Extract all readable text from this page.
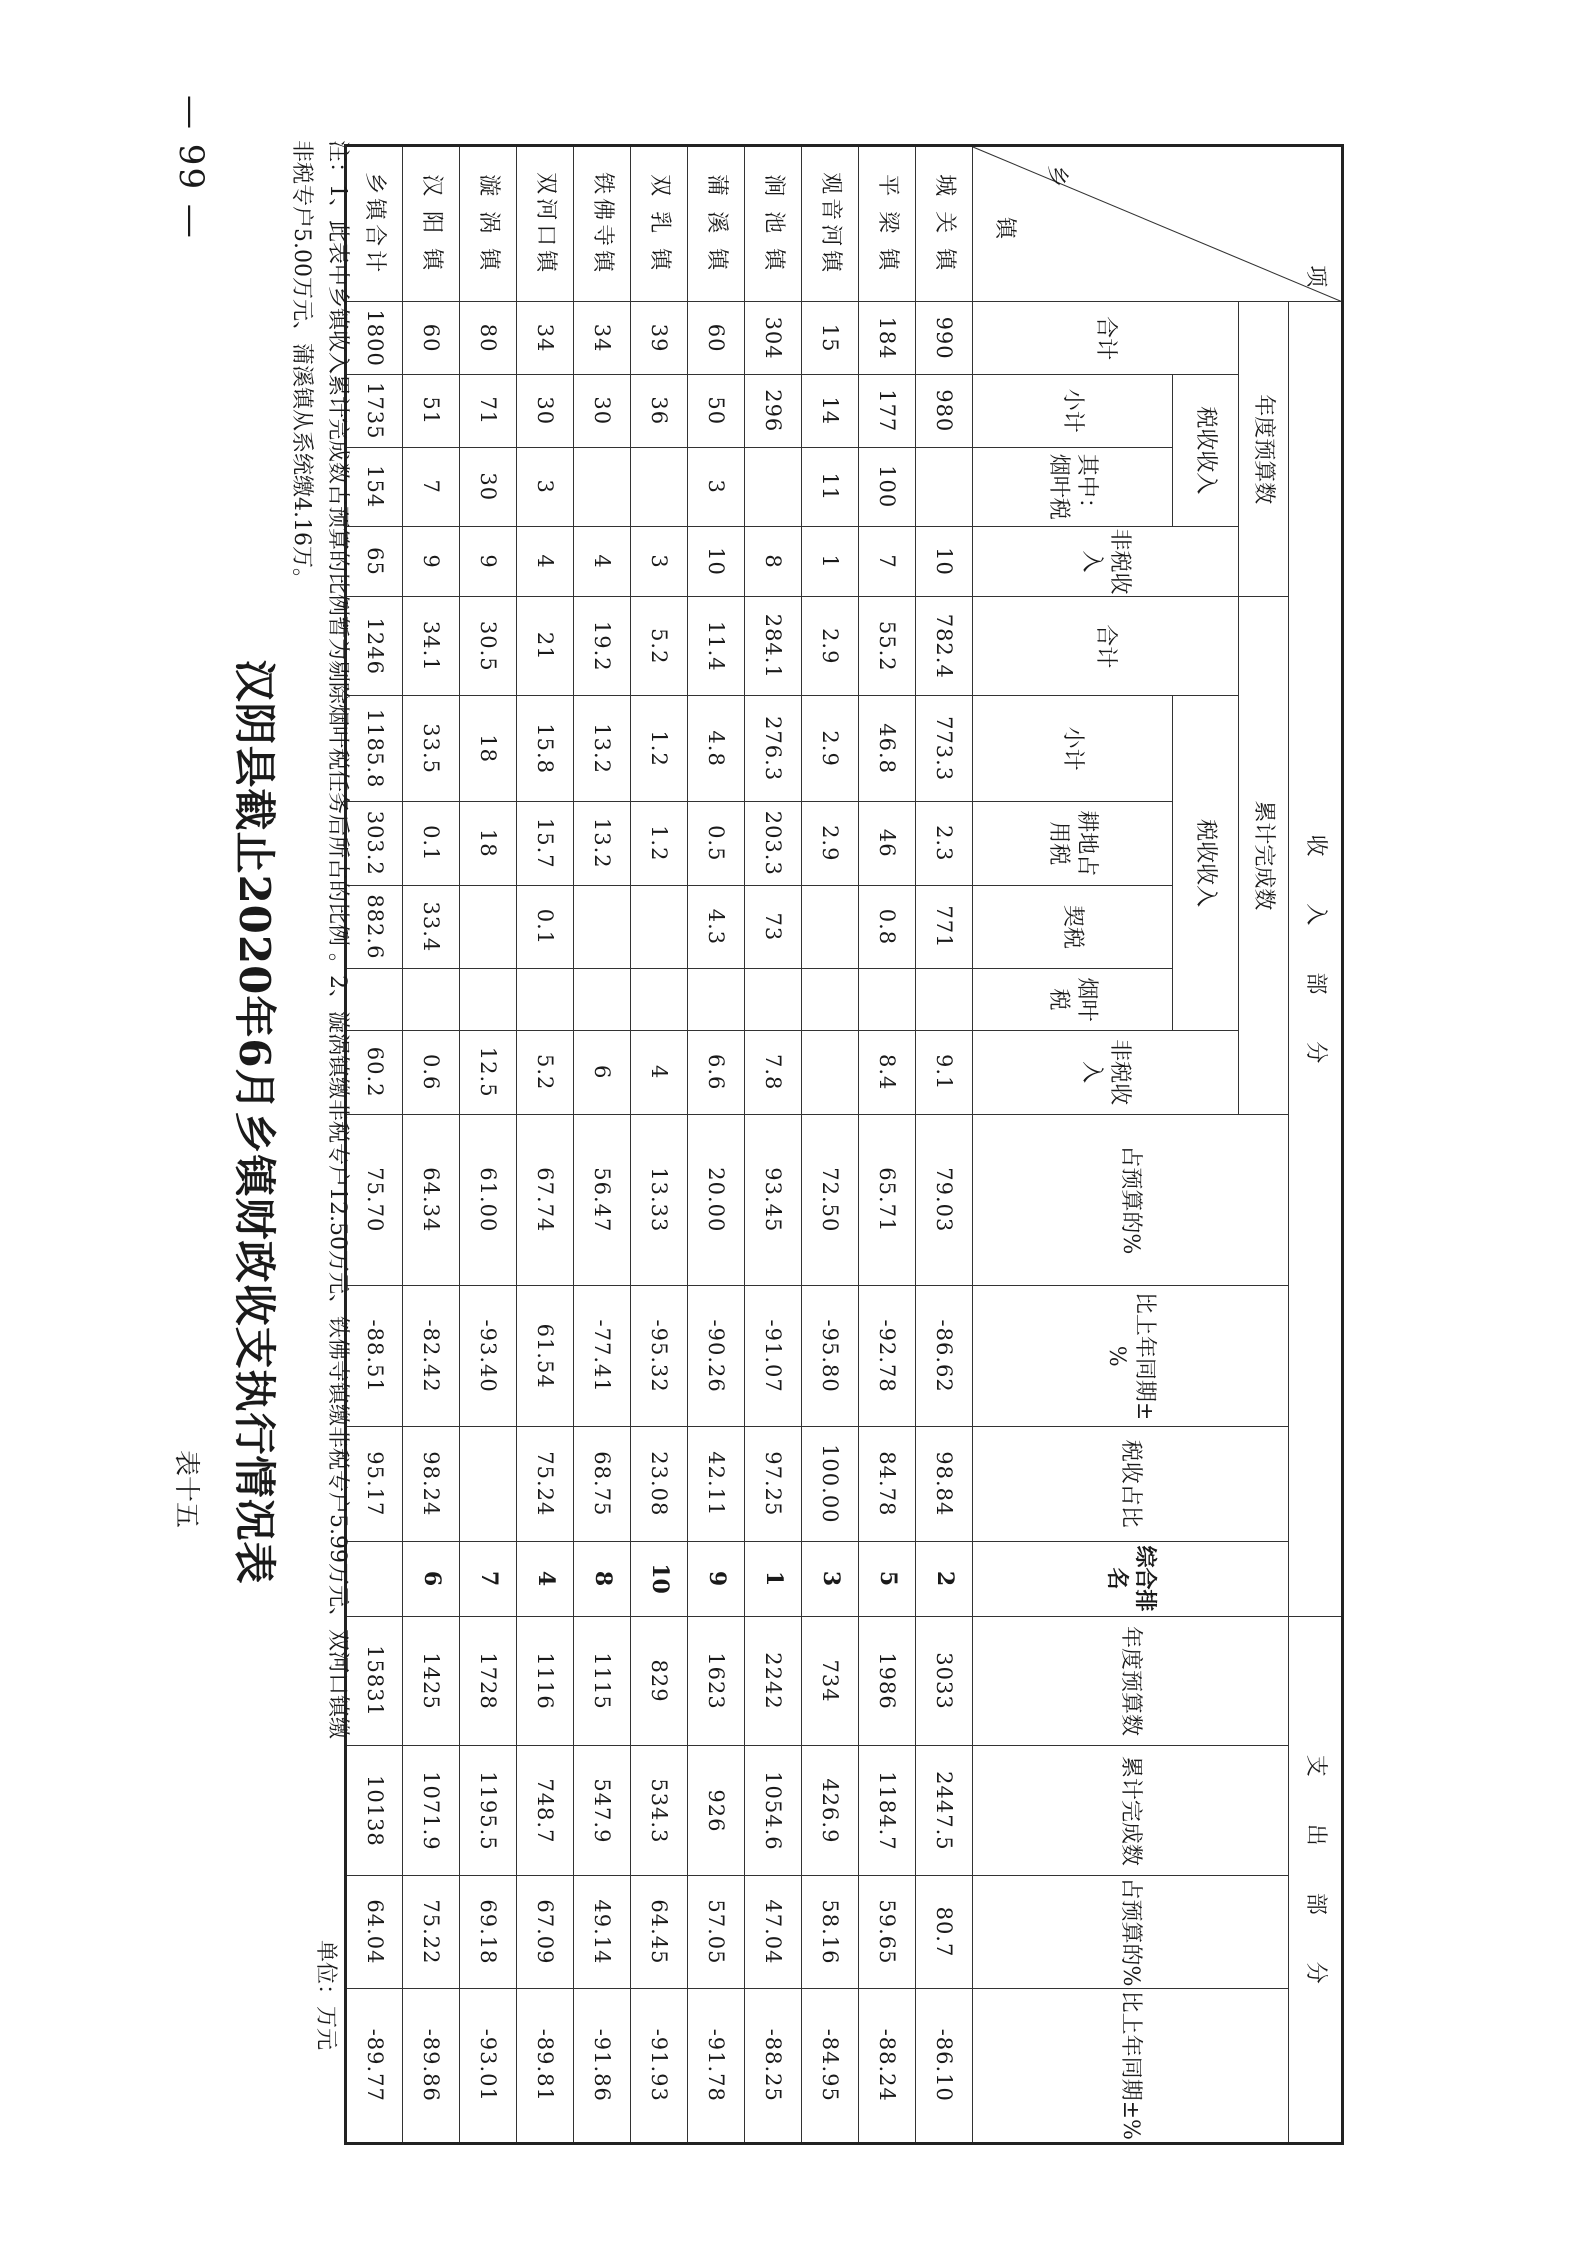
表十五 汉阴县截止2020年6月乡镇财政收支执行情况表
单位：万元
项
乡
镇	收 入 部 分														支 出 部 分			
	年度预算数				累计完成数						占预算的%	比上年同期±%	税收占比	综合排名	年度预算数	累计完成数	占预算的%	比上年同期±%
	合计	税收收入		非税收入	合计	税收收入				非税收入								
		小计	其中：烟叶税			小计	耕地占用税	契税	烟叶税									
城 关 镇	990	980		10	782.4	773.3	2.3	771		9.1	79.03	-86.62	98.84	2	3033	2447.5	80.7	-86.10
平 梁 镇	184	177	100	7	55.2	46.8	46	0.8		8.4	65.71	-92.78	84.78	5	1986	1184.7	59.65	-88.24
观音河镇	15	14	11	1	2.9	2.9	2.9				72.50	-95.80	100.00	3	734	426.9	58.16	-84.95
涧 池 镇	304	296		8	284.1	276.3	203.3	73		7.8	93.45	-91.07	97.25	1	2242	1054.6	47.04	-88.25
蒲 溪 镇	60	50	3	10	11.4	4.8	0.5	4.3		6.6	20.00	-90.26	42.11	9	1623	926	57.05	-91.78
双 乳 镇	39	36		3	5.2	1.2	1.2			4	13.33	-95.32	23.08	10	829	534.3	64.45	-91.93
铁佛寺镇	34	30		4	19.2	13.2	13.2			6	56.47	-77.41	68.75	8	1115	547.9	49.14	-91.86
双河口镇	34	30	3	4	21	15.8	15.7	0.1		5.2	67.74	61.54	75.24	4	1116	748.7	67.09	-89.81
漩 涡 镇	80	71	30	9	30.5	18	18			12.5	61.00	-93.40		7	1728	1195.5	69.18	-93.01
汉 阳 镇	60	51	7	9	34.1	33.5	0.1	33.4		0.6	64.34	-82.42	98.24	6	1425	1071.9	75.22	-89.86
乡镇合计	1800	1735	154	65	1246	1185.8	303.2	882.6		60.2	75.70	-88.51	95.17		15831	10138	64.04	-89.77
注：1、此表中乡镇收入累计完成数占预算的比例暂为剔除烟叶税任务后所占的比例 。2、漩涡镇缴非税专户12.50万元、铁佛寺镇缴非税专户5.99万元、双河口镇缴
非税专户5.00万元、蒲溪镇从系统缴4.16万。
— 99 —
